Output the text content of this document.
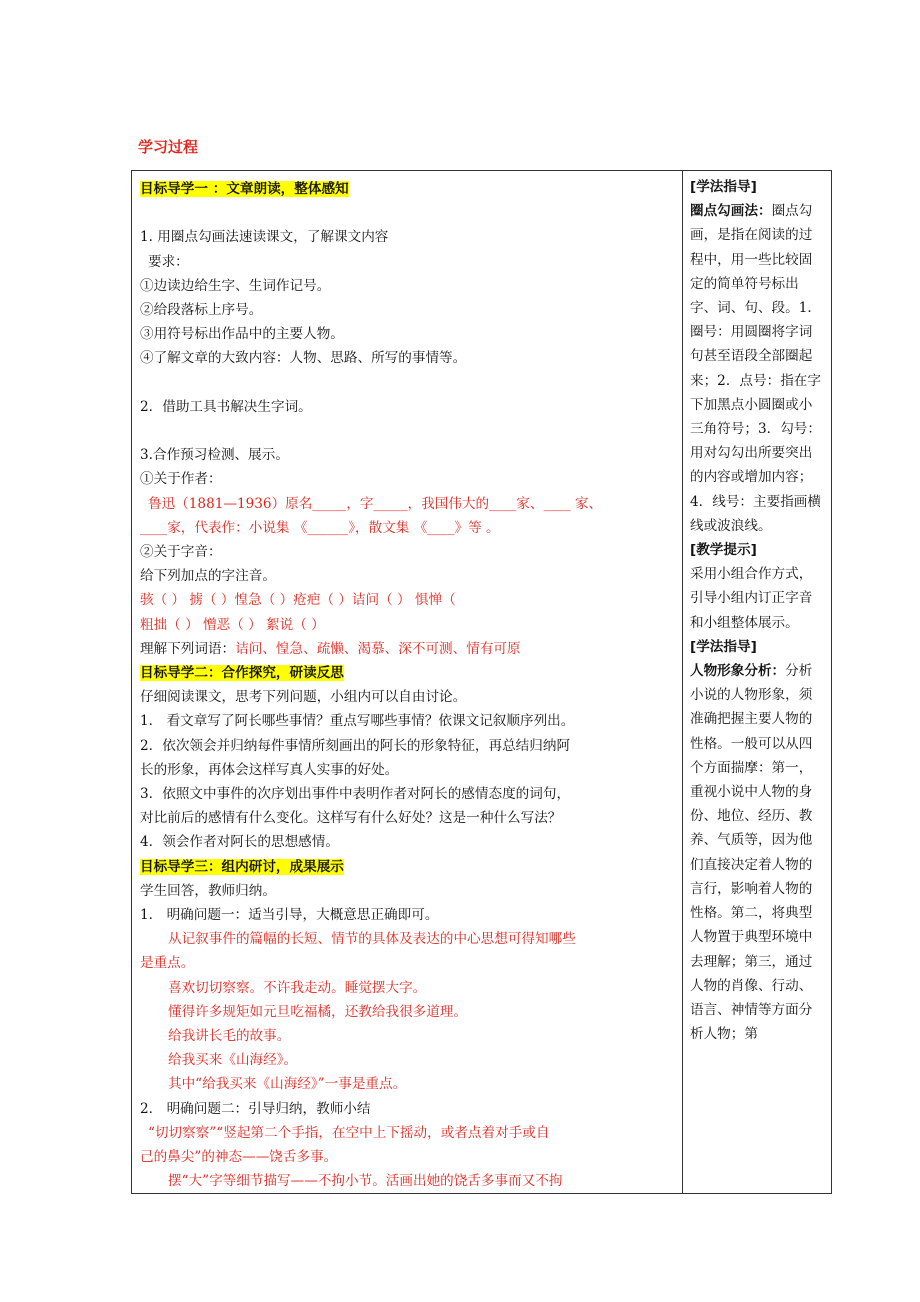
学习过程
目标导学一 ：文章朗读，整体感知
1. 用圈点勾画法速读课文，了解课文内容
要求：
①边读边给生字、生词作记号。
②给段落标上序号。
③用符号标出作品中的主要人物。
④了解文章的大致内容：人物、思路、所写的事情等。
2．借助工具书解决生字词。
3.合作预习检测、展示。
①关于作者：
鲁迅（1881—1936）原名_____，字_____，我国伟大的____家、____ 家、
____家，代表作：小说集 《______》，散文集 《____》等 。
②关于字音：
给下列加点的字注音。
骇（ ） 掳（ ）惶急（ ）疮疤（ ）诘问（ ） 惧惮（
粗拙（ ） 憎恶（ ） 絮说（ ）
理解下列词语：诘问、惶急、疏懒、渴慕、深不可测、情有可原
目标导学二：合作探究，研读反思
仔细阅读课文，思考下列问题，小组内可以自由讨论。
1． 看文章写了阿长哪些事情？重点写哪些事情？依课文记叙顺序列出。
2．依次领会并归纳每件事情所刻画出的阿长的形象特征，再总结归纳阿
长的形象，再体会这样写真人实事的好处。
3．依照文中事件的次序划出事件中表明作者对阿长的感情态度的词句，
对比前后的感情有什么变化。这样写有什么好处？这是一种什么写法？
4．领会作者对阿长的思想感情。
目标导学三：组内研讨，成果展示
学生回答，教师归纳。
1． 明确问题一：适当引导，大概意思正确即可。
从记叙事件的篇幅的长短、情节的具体及表达的中心思想可得知哪些
是重点。
喜欢切切察察。不许我走动。睡觉摆大字。
懂得许多规矩如元旦吃福橘，还教给我很多道理。
给我讲长毛的故事。
给我买来《山海经》。
其中“给我买来《山海经》”一事是重点。
2． 明确问题二：引导归纳，教师小结
“切切察察”“竖起第二个手指，在空中上下摇动，或者点着对手或自
己的鼻尖”的神态——饶舌多事。
摆“大”字等细节描写——不拘小节。活画出她的饶舌多事而又不拘

[学法指导]
圈点勾画法：圈点勾画，是指在阅读的过程中，用一些比较固定的简单符号标出字、词、句、段。1．圈号：用圆圈将字词句甚至语段全部圈起来；2．点号：指在字下加黑点小圆圈或小三角符号；3．勾号：用对勾勾出所要突出的内容或增加内容；4．线号：主要指画横线或波浪线。
[教学提示]
采用小组合作方式，引导小组内订正字音和小组整体展示。
[学法指导]
人物形象分析：分析小说的人物形象，须准确把握主要人物的性格。一般可以从四个方面揣摩：第一，重视小说中人物的身份、地位、经历、教养、气质等，因为他们直接决定着人物的言行，影响着人物的性格。第二，将典型人物置于典型环境中去理解；第三，通过人物的肖像、行动、语言、神情等方面分析人物；第
